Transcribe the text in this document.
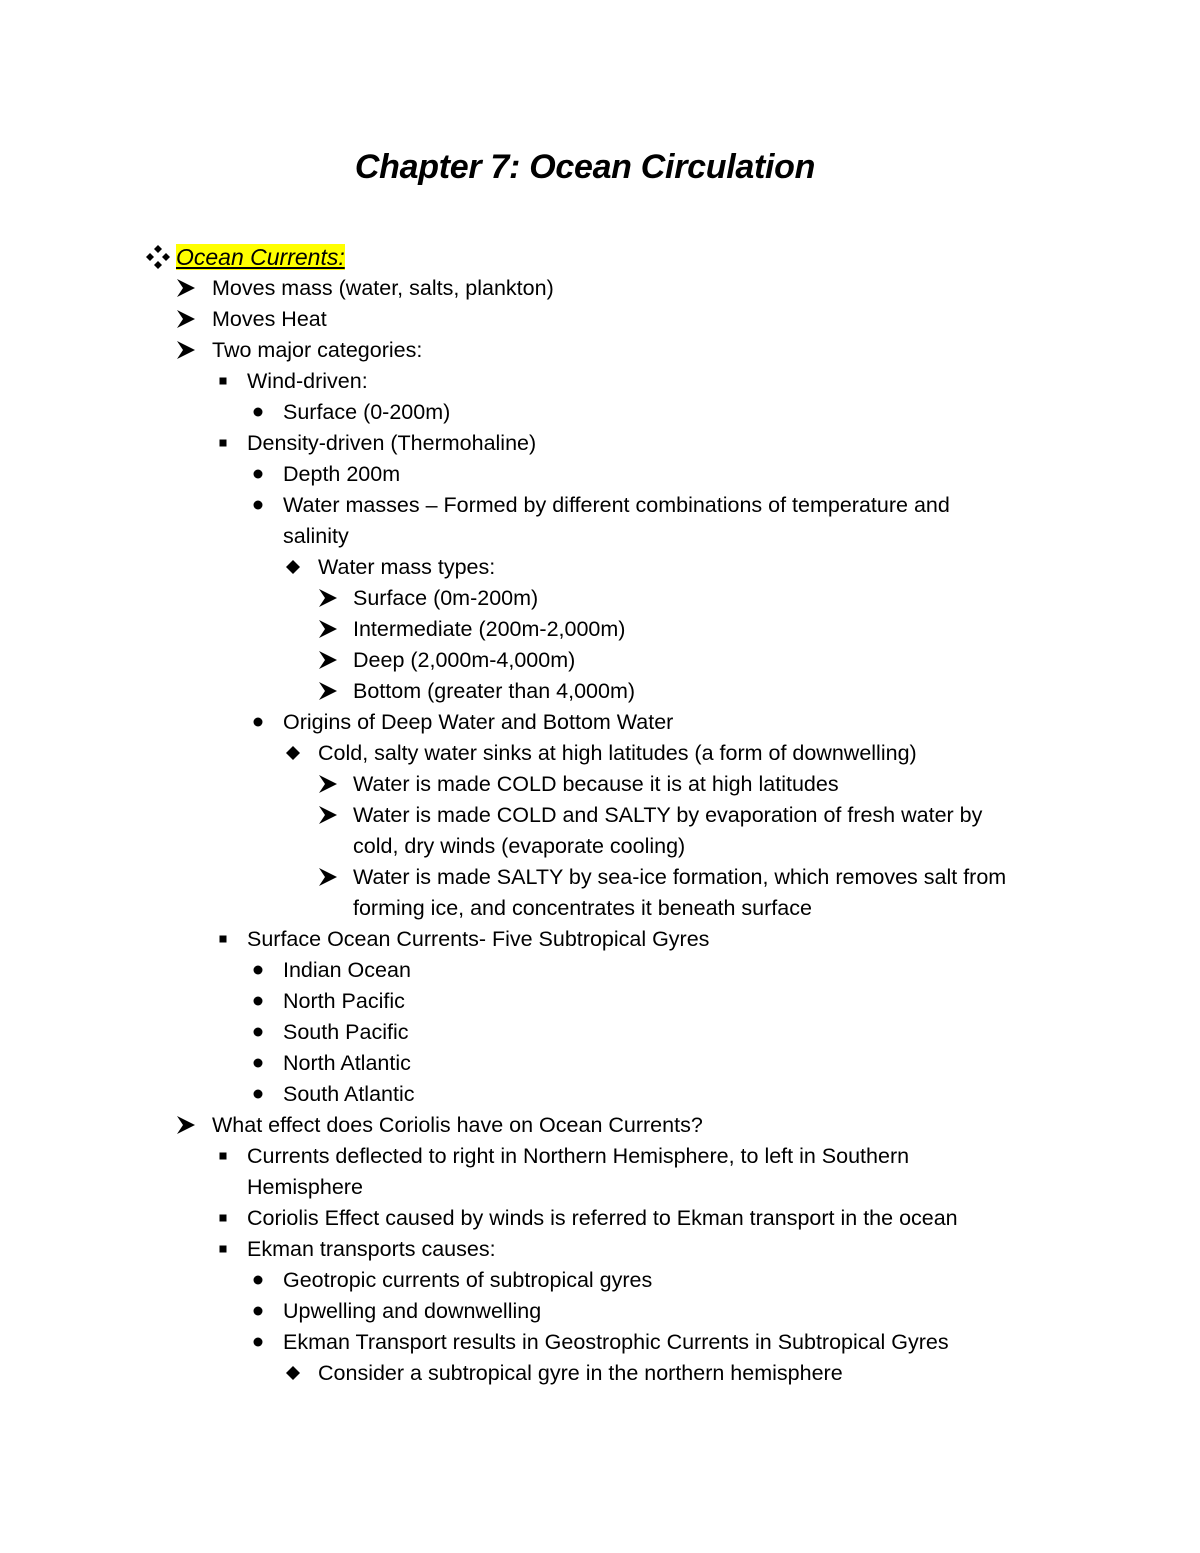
Chapter 7: Ocean Circulation
Ocean Currents:
Moves mass (water, salts, plankton)
Moves Heat
Two major categories:
Wind-driven:
Surface (0-200m)
Density-driven (Thermohaline)
Depth 200m
Water masses – Formed by different combinations of temperature and
salinity
Water mass types:
Surface (0m-200m)
Intermediate (200m-2,000m)
Deep (2,000m-4,000m)
Bottom (greater than 4,000m)
Origins of Deep Water and Bottom Water
Cold, salty water sinks at high latitudes (a form of downwelling)
Water is made COLD because it is at high latitudes
Water is made COLD and SALTY by evaporation of fresh water by
cold, dry winds (evaporate cooling)
Water is made SALTY by sea-ice formation, which removes salt from
forming ice, and concentrates it beneath surface
Surface Ocean Currents- Five Subtropical Gyres
Indian Ocean
North Pacific
South Pacific
North Atlantic
South Atlantic
What effect does Coriolis have on Ocean Currents?
Currents deflected to right in Northern Hemisphere, to left in Southern
Hemisphere
Coriolis Effect caused by winds is referred to Ekman transport in the ocean
Ekman transports causes:
Geotropic currents of subtropical gyres
Upwelling and downwelling
Ekman Transport results in Geostrophic Currents in Subtropical Gyres
Consider a subtropical gyre in the northern hemisphere
